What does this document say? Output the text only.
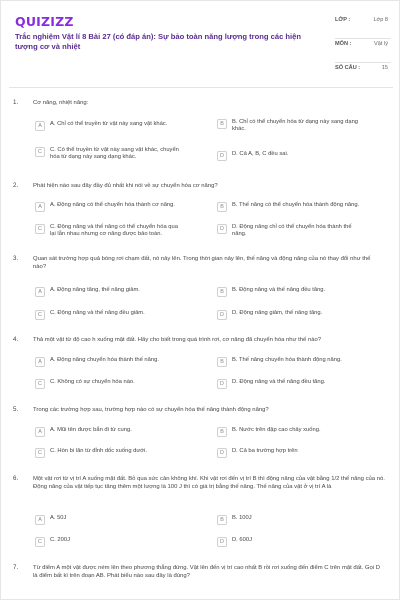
QUIZIZZ
Trắc nghiệm Vật lí 8 Bài 27 (có đáp án): Sự bảo toàn năng lượng trong các hiện tượng cơ và nhiệt
LỚP :	Lớp 8
MÔN :	Vật lý
SỐ CÂU :	15
1.	Cơ năng, nhiệt năng:
A	A. Chỉ có thể truyền từ vật này sang vật khác.	B	B. Chỉ có thể chuyển hóa từ dạng này sang dạng khác.
C	C. Có thể truyền từ vật này sang vật khác, chuyển hóa từ dạng này sang dạng khác.	D	D. Cả A, B, C đều sai.
2.	Phát hiện nào sau đây đầy đủ nhất khi nói về sự chuyển hóa cơ năng?
A	A. Động năng có thể chuyển hóa thành cơ năng.	B	B. Thế năng có thể chuyển hóa thành động năng.
C	C. Động năng và thế năng có thể chuyển hóa qua lại lẫn nhau nhưng cơ năng được bảo toàn.
D	D. Động năng chỉ có thể chuyển hóa thành thế năng.
3.	Quan sát trường hợp quả bóng rơi chạm đất, nó nảy lên. Trong thời gian nảy lên, thế năng và động năng của nó thay đổi như thế nào?
A	A. Động năng tăng, thế năng giảm.	B	B. Động năng và thế năng đều tăng.
C	C. Động năng và thế năng đều giảm.	D	D. Động năng giảm, thế năng tăng.
4.	Thả một vật từ độ cao h xuống mặt đất. Hãy cho biết trong quá trình rơi, cơ năng đã chuyển hóa như thế nào?
A	A. Động năng chuyển hóa thành thế năng.	B	B. Thế năng chuyển hóa thành động năng.
C	C. Không có sự chuyển hóa nào.	D	D. Động năng và thế năng đều tăng.
5.	Trong các trường hợp sau, trường hợp nào có sự chuyển hóa thế năng thành động năng?
A	A. Mũi tên được bắn đi từ cung.	B	B. Nước trên đập cao chảy xuống.
C	C. Hòn bi lăn từ đỉnh dốc xuống dưới.	D	D. Cả ba trường hợp trên
6.	Một vật rơi từ vị trí A xuống mặt đất. Bỏ qua sức cản không khí. Khi vật rơi đến vị trí B thì động năng của vật bằng 1/2 thế năng của nó. Động năng của vật tiếp tục tăng thêm một lượng là 100 J thì có giá trị bằng thế năng. Thế năng của vật ở vị trí A là
A	A. 50J	B	B. 100J
C	C. 200J	D	D. 600J
7.	Từ điểm A một vật được ném lên theo phương thẳng đứng. Vật lên đến vị trí cao nhất B rồi rơi xuống đến điểm C trên mặt đất. Gọi D là điểm bất kì trên đoạn AB. Phát biểu nào sau đây là đúng?
